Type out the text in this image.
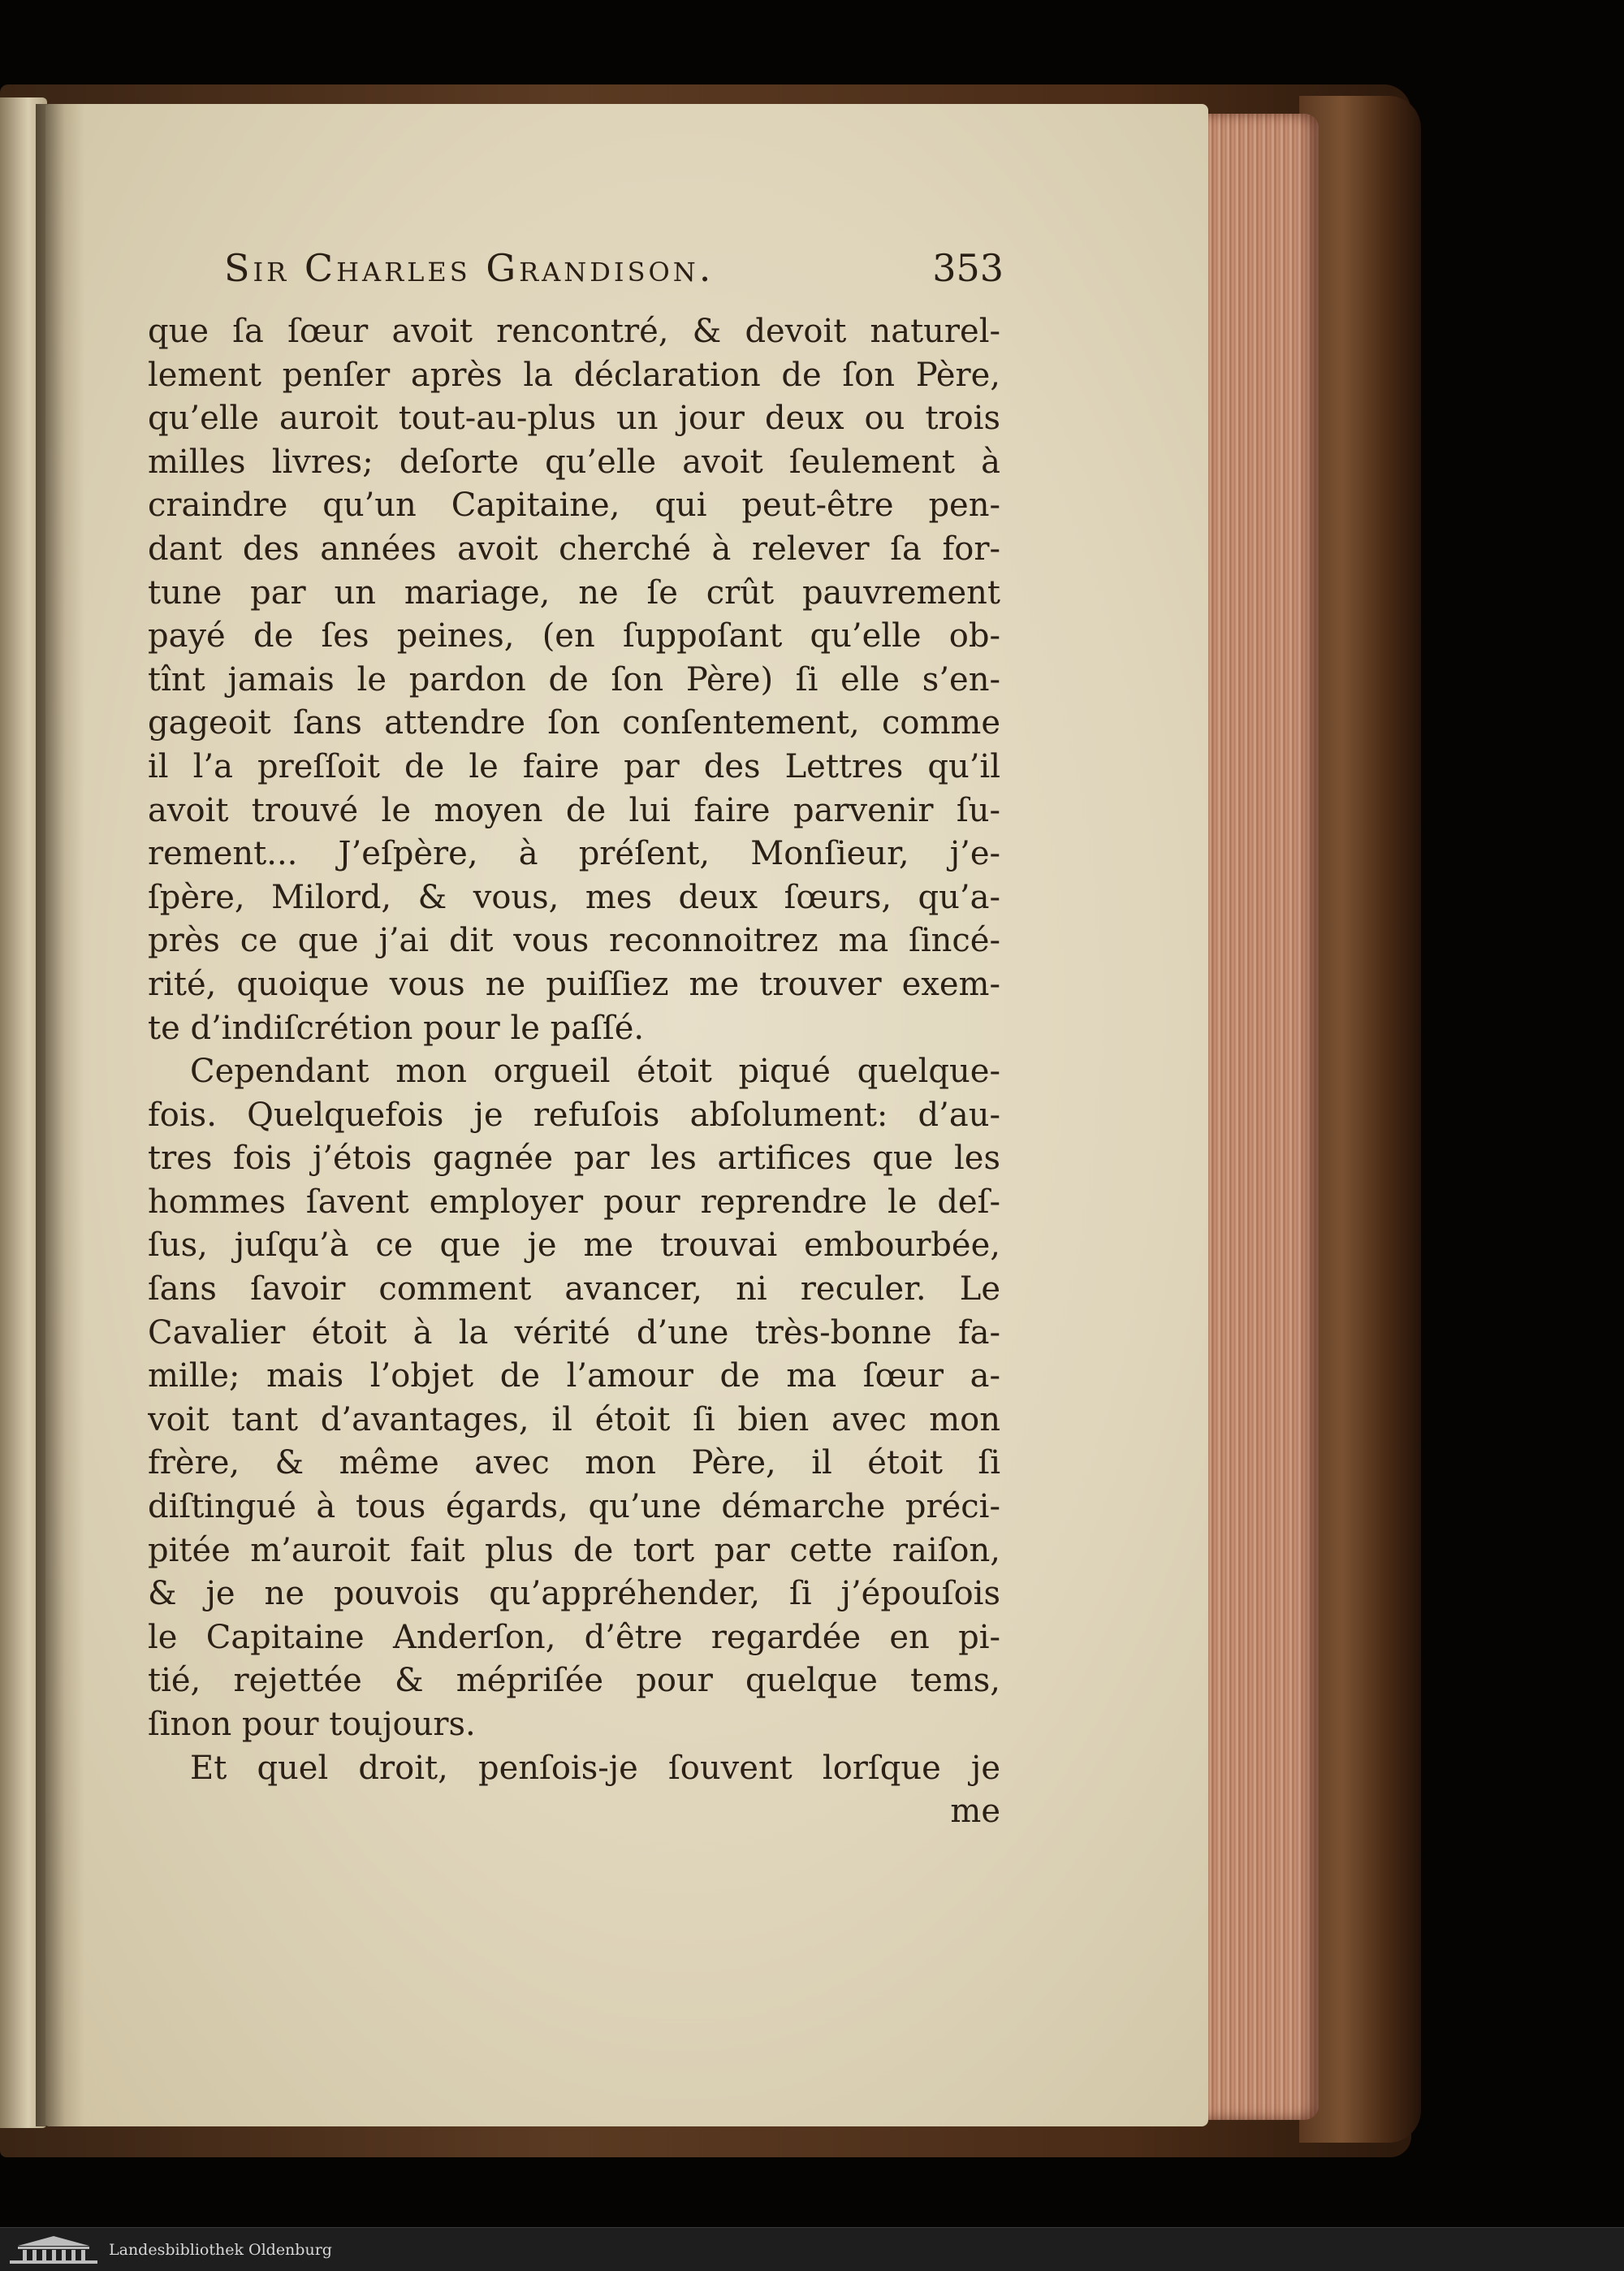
Sir Charles Grandison.	353
que ſa ſœur avoit rencontré, & devoit naturel-
lement penſer après la déclaration de ſon Père,
qu’elle auroit tout-au-plus un jour deux ou trois
milles livres; deſorte qu’elle avoit ſeulement à
craindre qu’un Capitaine, qui peut-être pen-
dant des années avoit cherché à relever ſa for-
tune par un mariage, ne ſe crût pauvrement
payé de ſes peines, (en ſuppoſant qu’elle ob-
tînt jamais le pardon de ſon Père) ſi elle s’en-
gageoit ſans attendre ſon conſentement, comme
il l’a preſſoit de le faire par des Lettres qu’il
avoit trouvé le moyen de lui faire parvenir ſu-
rement... J’eſpère, à préſent, Monſieur, j’e-
ſpère, Milord, & vous, mes deux ſœurs, qu’a-
près ce que j’ai dit vous reconnoitrez ma ſincé-
rité, quoique vous ne puiſſiez me trouver exem-
te d’indiſcrétion pour le paſſé.
Cependant mon orgueil étoit piqué quelque-
fois. Quelquefois je refuſois abſolument: d’au-
tres fois j’étois gagnée par les artifices que les
hommes ſavent employer pour reprendre le deſ-
ſus, juſqu’à ce que je me trouvai embourbée,
ſans ſavoir comment avancer, ni reculer. Le
Cavalier étoit à la vérité d’une très-bonne fa-
mille; mais l’objet de l’amour de ma ſœur a-
voit tant d’avantages, il étoit ſi bien avec mon
frère, & même avec mon Père, il étoit ſi
diſtingué à tous égards, qu’une démarche préci-
pitée m’auroit fait plus de tort par cette raiſon,
& je ne pouvois qu’appréhender, ſi j’épouſois
le Capitaine Anderſon, d’être regardée en pi-
tié, rejettée & mépriſée pour quelque tems,
ſinon pour toujours.
Et quel droit, penſois-je ſouvent lorſque je
me
Landesbibliothek Oldenburg
